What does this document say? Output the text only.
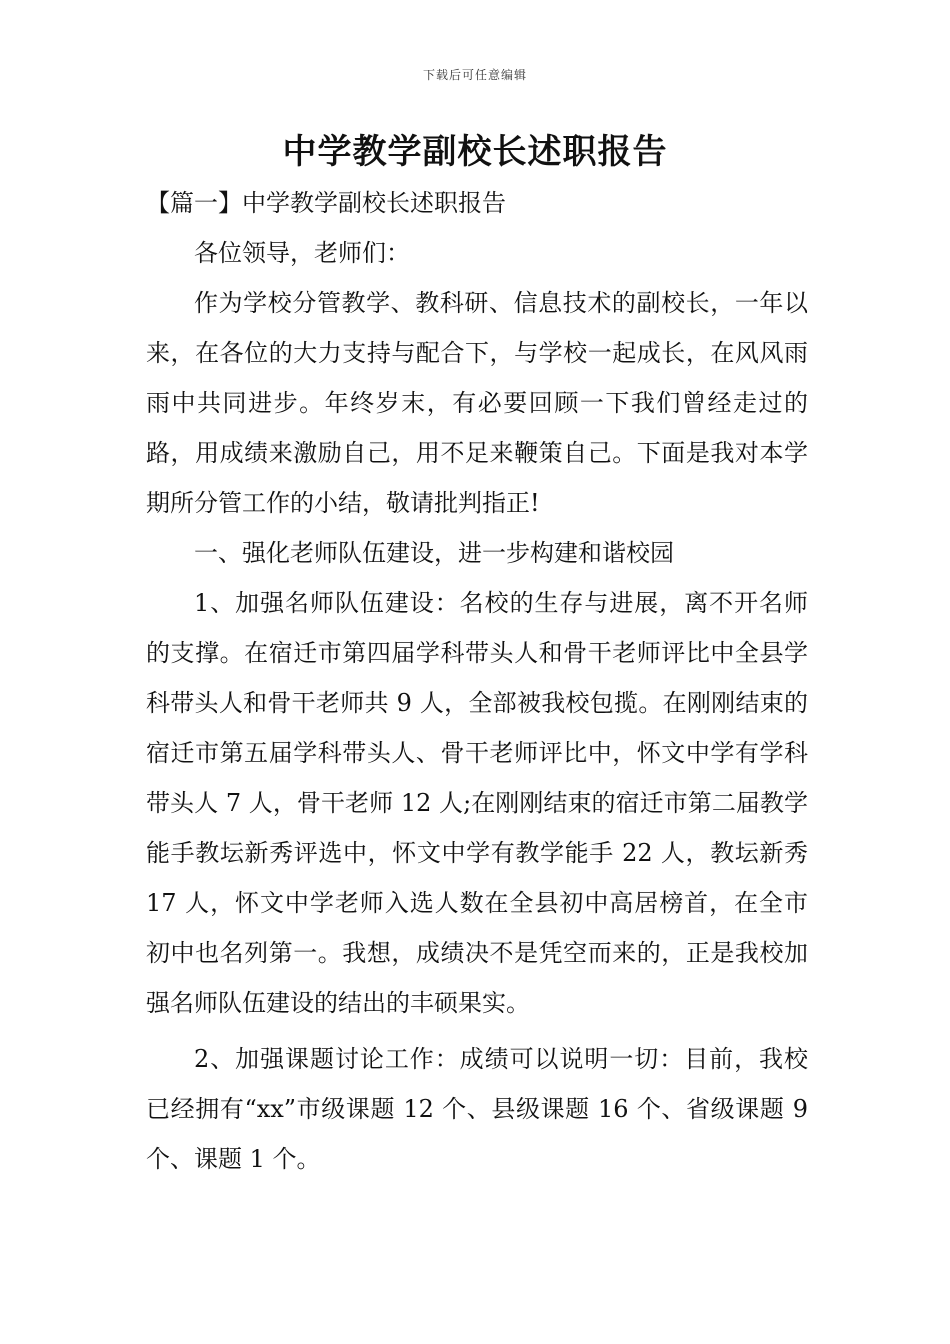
下载后可任意编辑
中学教学副校长述职报告

【篇一】中学教学副校长述职报告

各位领导，老师们：

作为学校分管教学、教科研、信息技术的副校长，一年以来，在各位的大力支持与配合下，与学校一起成长，在风风雨雨中共同进步。年终岁末，有必要回顾一下我们曾经走过的路，用成绩来激励自己，用不足来鞭策自己。下面是我对本学期所分管工作的小结，敬请批判指正!

一、强化老师队伍建设，进一步构建和谐校园

1、加强名师队伍建设：名校的生存与进展，离不开名师的支撑。在宿迁市第四届学科带头人和骨干老师评比中全县学科带头人和骨干老师共 9 人，全部被我校包揽。在刚刚结束的宿迁市第五届学科带头人、骨干老师评比中，怀文中学有学科带头人 7 人，骨干老师 12 人;在刚刚结束的宿迁市第二届教学能手教坛新秀评选中，怀文中学有教学能手 22 人，教坛新秀 17 人，怀文中学老师入选人数在全县初中高居榜首，在全市初中也名列第一。我想，成绩决不是凭空而来的，正是我校加强名师队伍建设的结出的丰硕果实。

2、加强课题讨论工作：成绩可以说明一切：目前，我校已经拥有“xx”市级课题 12 个、县级课题 16 个、省级课题 9 个、课题 1 个。
